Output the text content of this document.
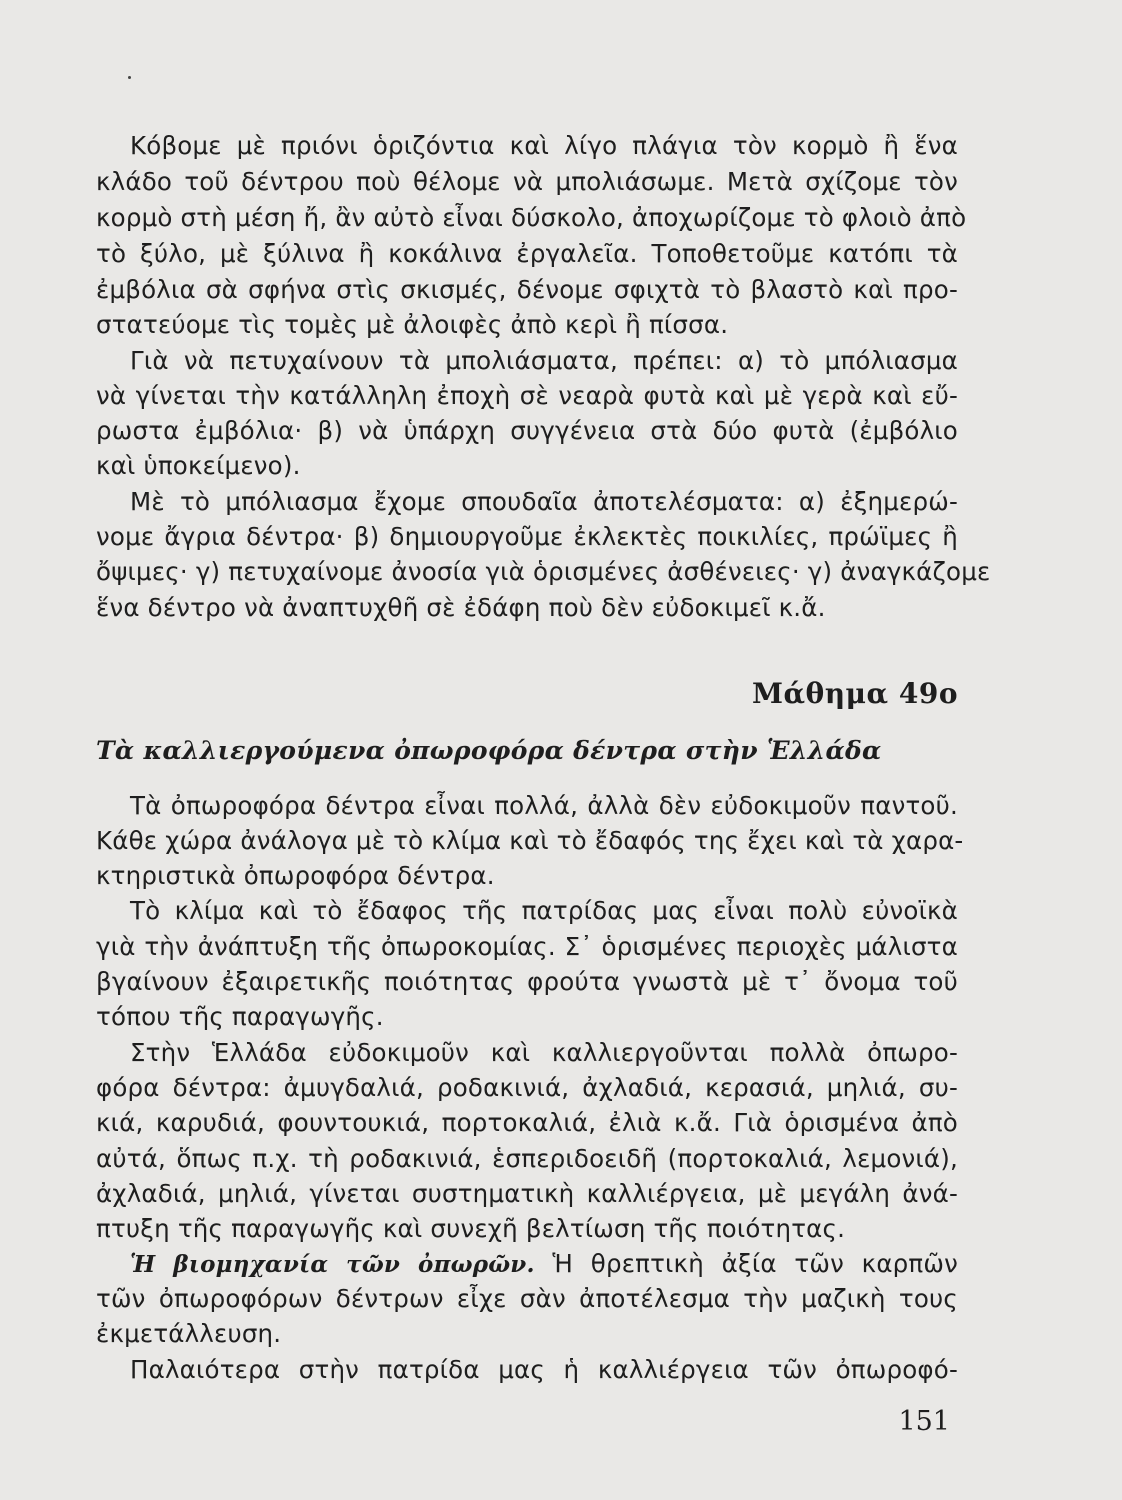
Κόβομε μὲ πριόνι ὁριζόντια καὶ λίγο πλάγια τὸν κορμὸ ἢ ἕνα
κλάδο τοῦ δέντρου ποὺ θέλομε νὰ μπολιάσωμε. Μετὰ σχίζομε τὸν
κορμὸ στὴ μέση ἤ, ἂν αὐτὸ εἶναι δύσκολο, ἀποχωρίζομε τὸ φλοιὸ ἀπὸ
τὸ ξύλο, μὲ ξύλινα ἢ κοκάλινα ἐργαλεῖα. Τοποθετοῦμε κατόπι τὰ
ἐμβόλια σὰ σφήνα στὶς σκισμές, δένομε σφιχτὰ τὸ βλαστὸ καὶ προ-
στατεύομε τὶς τομὲς μὲ ἀλοιφὲς ἀπὸ κερὶ ἢ πίσσα.
Γιὰ νὰ πετυχαίνουν τὰ μπολιάσματα, πρέπει: α) τὸ μπόλιασμα
νὰ γίνεται τὴν κατάλληλη ἐποχὴ σὲ νεαρὰ φυτὰ καὶ μὲ γερὰ καὶ εὔ-
ρωστα ἐμβόλια· β) νὰ ὑπάρχη συγγένεια στὰ δύο φυτὰ (ἐμβόλιο
καὶ ὑποκείμενο).
Μὲ τὸ μπόλιασμα ἔχομε σπουδαῖα ἀποτελέσματα: α) ἐξημερώ-
νομε ἄγρια δέντρα· β) δημιουργοῦμε ἐκλεκτὲς ποικιλίες, πρώϊμες ἢ
ὄψιμες· γ) πετυχαίνομε ἀνοσία γιὰ ὁρισμένες ἀσθένειες· γ) ἀναγκάζομε
ἕνα δέντρο νὰ ἀναπτυχθῆ σὲ ἐδάφη ποὺ δὲν εὐδοκιμεῖ κ.ἄ.
Μάθημα 49ο
Τὰ καλλιεργούμενα ὀπωροφόρα δέντρα στὴν Ἑλλάδα
Τὰ ὀπωροφόρα δέντρα εἶναι πολλά, ἀλλὰ δὲν εὐδοκιμοῦν παντοῦ.
Κάθε χώρα ἀνάλογα μὲ τὸ κλίμα καὶ τὸ ἔδαφός της ἔχει καὶ τὰ χαρα-
κτηριστικὰ ὀπωροφόρα δέντρα.
Τὸ κλίμα καὶ τὸ ἔδαφος τῆς πατρίδας μας εἶναι πολὺ εὐνοϊκὰ
γιὰ τὴν ἀνάπτυξη τῆς ὀπωροκομίας. Σ᾿ ὁρισμένες περιοχὲς μάλιστα
βγαίνουν ἐξαιρετικῆς ποιότητας φρούτα γνωστὰ μὲ τ᾿ ὄνομα τοῦ
τόπου τῆς παραγωγῆς.
Στὴν Ἑλλάδα εὐδοκιμοῦν καὶ καλλιεργοῦνται πολλὰ ὀπωρο-
φόρα δέντρα: ἀμυγδαλιά, ροδακινιά, ἀχλαδιά, κερασιά, μηλιά, συ-
κιά, καρυδιά, φουντουκιά, πορτοκαλιά, ἐλιὰ κ.ἄ. Γιὰ ὁρισμένα ἀπὸ
αὐτά, ὅπως π.χ. τὴ ροδακινιά, ἑσπεριδοειδῆ (πορτοκαλιά, λεμονιά),
ἀχλαδιά, μηλιά, γίνεται συστηματικὴ καλλιέργεια, μὲ μεγάλη ἀνά-
πτυξη τῆς παραγωγῆς καὶ συνεχῆ βελτίωση τῆς ποιότητας.
Ἡ βιομηχανία τῶν ὀπωρῶν. Ἡ θρεπτικὴ ἀξία τῶν καρπῶν
τῶν ὀπωροφόρων δέντρων εἶχε σὰν ἀποτέλεσμα τὴν μαζικὴ τους
ἐκμετάλλευση.
Παλαιότερα στὴν πατρίδα μας ἡ καλλιέργεια τῶν ὀπωροφό-
151
